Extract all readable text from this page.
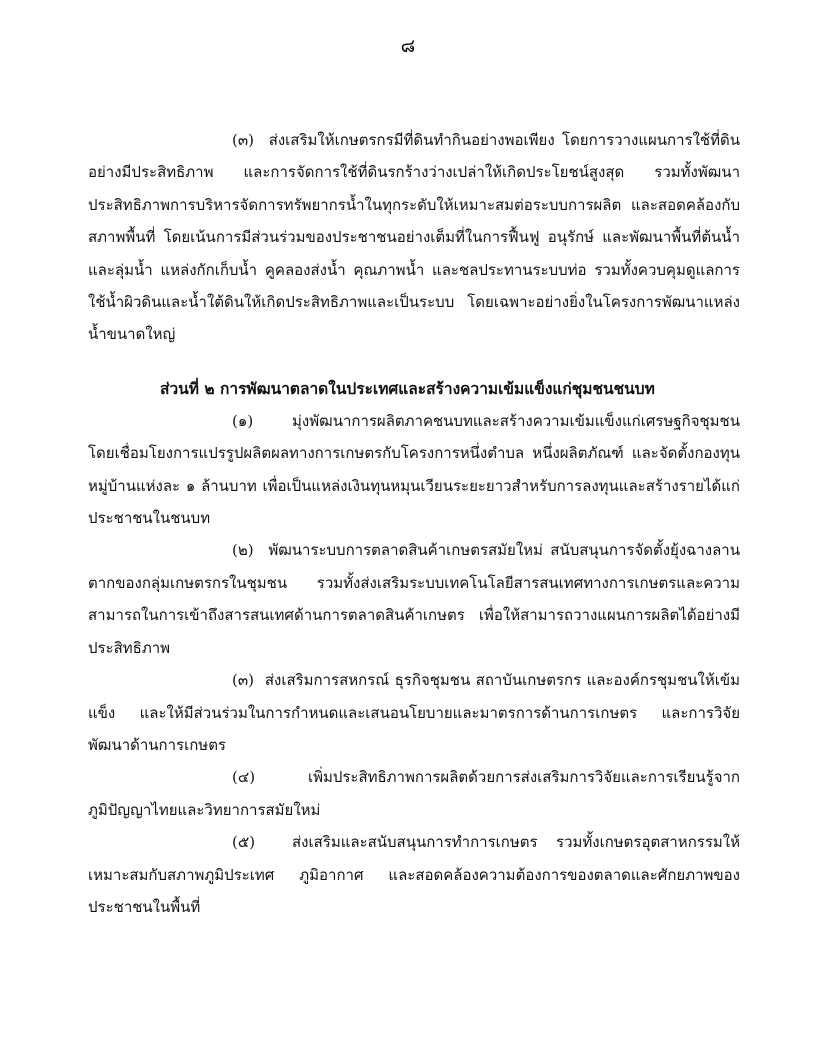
๘

(๓) ส่งเสริมให้เกษตรกรมีที่ดินทำกินอย่างพอเพียง โดยการวางแผนการใช้ที่ดินอย่างมีประสิทธิภาพ และการจัดการใช้ที่ดินรกร้างว่างเปล่าให้เกิดประโยชน์สูงสุด รวมทั้งพัฒนาประสิทธิภาพการบริหารจัดการทรัพยากรน้ำในทุกระดับให้เหมาะสมต่อระบบการผลิต และสอดคล้องกับสภาพพื้นที่ โดยเน้นการมีส่วนร่วมของประชาชนอย่างเต็มที่ในการฟื้นฟู อนุรักษ์ และพัฒนาพื้นที่ต้นน้ำและลุ่มน้ำ แหล่งกักเก็บน้ำ คูคลองส่งน้ำ คุณภาพน้ำ และชลประทานระบบท่อ รวมทั้งควบคุมดูแลการใช้น้ำผิวดินและน้ำใต้ดินให้เกิดประสิทธิภาพและเป็นระบบ โดยเฉพาะอย่างยิ่งในโครงการพัฒนาแหล่งน้ำขนาดใหญ่

ส่วนที่ ๒ การพัฒนาตลาดในประเทศและสร้างความเข้มแข็งแก่ชุมชนชนบท

(๑)	มุ่งพัฒนาการผลิตภาคชนบทและสร้างความเข้มแข็งแก่เศรษฐกิจชุมชน โดยเชื่อมโยงการแปรรูปผลิตผลทางการเกษตรกับโครงการหนึ่งตำบล หนึ่งผลิตภัณฑ์ และจัดตั้งกองทุนหมู่บ้านแห่งละ ๑ ล้านบาท เพื่อเป็นแหล่งเงินทุนหมุนเวียนระยะยาวสำหรับการลงทุนและสร้างรายได้แก่ประชาชนในชนบท

(๒) พัฒนาระบบการตลาดสินค้าเกษตรสมัยใหม่ สนับสนุนการจัดตั้งยุ้งฉางลานตากของกลุ่มเกษตรกรในชุมชน รวมทั้งส่งเสริมระบบเทคโนโลยีสารสนเทศทางการเกษตรและความสามารถในการเข้าถึงสารสนเทศด้านการตลาดสินค้าเกษตร เพื่อให้สามารถวางแผนการผลิตได้อย่างมีประสิทธิภาพ

(๓) ส่งเสริมการสหกรณ์ ธุรกิจชุมชน สถาบันเกษตรกร และองค์กรชุมชนให้เข้มแข็ง และให้มีส่วนร่วมในการกำหนดและเสนอนโยบายและมาตรการด้านการเกษตร และการวิจัยพัฒนาด้านการเกษตร

(๔)	เพิ่มประสิทธิภาพการผลิตด้วยการส่งเสริมการวิจัยและการเรียนรู้จากภูมิปัญญาไทยและวิทยาการสมัยใหม่

(๕) ส่งเสริมและสนับสนุนการทำการเกษตร รวมทั้งเกษตรอุตสาหกรรมให้เหมาะสมกับสภาพภูมิประเทศ ภูมิอากาศ และสอดคล้องความต้องการของตลาดและศักยภาพของประชาชนในพื้นที่
